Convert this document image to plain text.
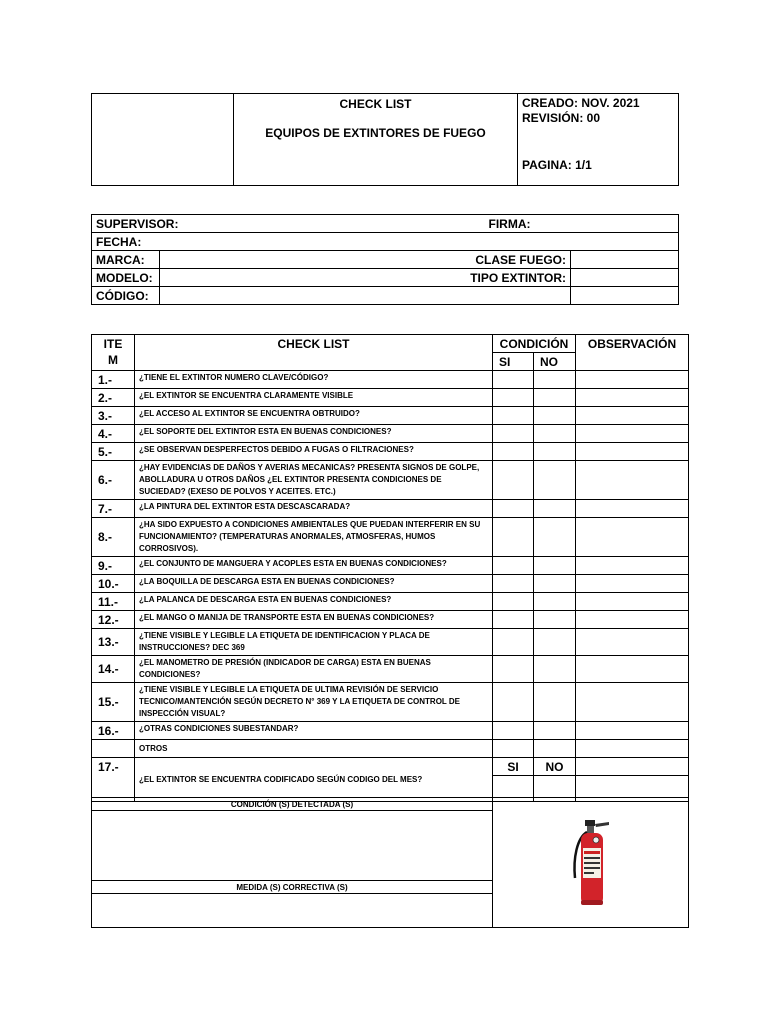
CHECK LIST
EQUIPOS DE EXTINTORES DE FUEGO

CREADO: NOV. 2021
REVISIÓN: 00
PAGINA: 1/1
SUPERVISOR:		FIRMA:
FECHA:		
MARCA:	CLASE FUEGO:	
MODELO:	TIPO EXTINTOR:	
CÓDIGO:		
ITE
M	CHECK LIST	CONDICIÓN		OBSERVACIÓN
		SI	NO	
1.-	¿TIENE EL EXTINTOR NUMERO CLAVE/CÓDIGO?			
2.-	¿EL EXTINTOR SE ENCUENTRA CLARAMENTE VISIBLE			
3.-	¿EL ACCESO AL EXTINTOR SE ENCUENTRA OBTRUIDO?			
4.-	¿EL SOPORTE DEL EXTINTOR ESTA EN BUENAS CONDICIONES?			
5.-	¿SE OBSERVAN DESPERFECTOS DEBIDO A FUGAS O FILTRACIONES?			
6.-	¿HAY EVIDENCIAS DE DAÑOS Y AVERIAS MECANICAS? PRESENTA SIGNOS DE GOLPE, ABOLLADURA U OTROS DAÑOS ¿EL EXTINTOR PRESENTA CONDICIONES DE SUCIEDAD? (EXESO DE POLVOS Y ACEITES. ETC.)			
7.-	¿LA PINTURA DEL EXTINTOR ESTA DESCASCARADA?			
8.-	¿HA SIDO EXPUESTO A CONDICIONES AMBIENTALES QUE PUEDAN INTERFERIR EN SU FUNCIONAMIENTO? (TEMPERATURAS ANORMALES, ATMOSFERAS, HUMOS CORROSIVOS).			
9.-	¿EL CONJUNTO DE MANGUERA Y ACOPLES ESTA EN BUENAS CONDICIONES?			
10.-	¿LA BOQUILLA DE DESCARGA ESTA EN BUENAS CONDICIONES?			
11.-	¿LA PALANCA DE DESCARGA ESTA EN BUENAS CONDICIONES?			
12.-	¿EL MANGO O MANIJA DE TRANSPORTE ESTA EN BUENAS CONDICIONES?			
13.-	¿TIENE VISIBLE Y LEGIBLE LA ETIQUETA DE IDENTIFICACION Y PLACA DE INSTRUCCIONES? DEC 369			
14.-	¿EL MANOMETRO DE PRESIÓN (INDICADOR DE CARGA) ESTA EN BUENAS CONDICIONES?			
15.-	¿TIENE VISIBLE Y LEGIBLE LA ETIQUETA DE ULTIMA REVISIÓN DE SERVICIO TECNICO/MANTENCIÓN SEGÚN DECRETO N° 369 Y LA ETIQUETA DE CONTROL DE INSPECCIÓN VISUAL?			
16.-	¿OTRAS CONDICIONES SUBESTANDAR?			
	OTROS			
17.-	¿EL EXTINTOR SE ENCUENTRA CODIFICADO SEGÚN CODIGO DEL MES?	SI	NO	

CONDICIÓN (S) DETECTADA (S)	

MEDIDA (S) CORRECTIVA (S)
